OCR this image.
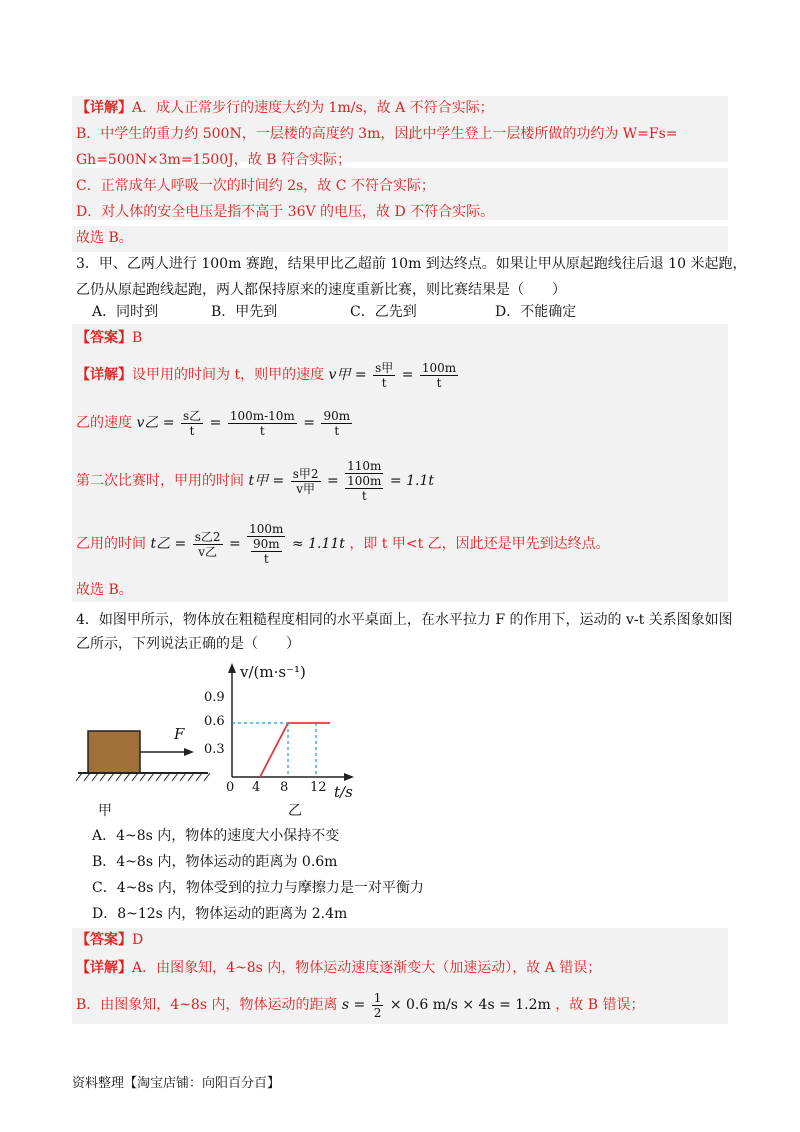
【详解】A．成人正常步行的速度大约为 1m/s，故 A 不符合实际；
B．中学生的重力约 500N，一层楼的高度约 3m，因此中学生登上一层楼所做的功约为 W=Fs=
Gh=500N×3m=1500J，故 B 符合实际；
C．正常成年人呼吸一次的时间约 2s，故 C 不符合实际；
D．对人体的安全电压是指不高于 36V 的电压，故 D 不符合实际。
故选 B。
3．甲、乙两人进行 100m 赛跑，结果甲比乙超前 10m 到达终点。如果让甲从原起跑线往后退 10 米起跑，
乙仍从原起跑线起跑，两人都保持原来的速度重新比赛，则比赛结果是（　　）
A．同时到	B．甲先到	C．乙先到	D．不能确定
【答案】B
【详解】设甲用的时间为 t，则甲的速度 v甲 = $\frac{\text{s甲}}{t} = \frac{100m}{t}$
乙的速度 v乙 = $\frac{\text{s乙}}{t} = \frac{100m-10m}{t} = \frac{90m}{t}$
第二次比赛时，甲用的时间 t甲 = $\frac{\text{s甲2}}{\text{v甲}} = \frac{110m}{\frac{100m}{t}} = 1.1t$
乙用的时间 t乙 = $\frac{\text{s乙2}}{\text{v乙}} = \frac{100m}{\frac{90m}{t}} \approx 1.11t$ ，即 t 甲<t 乙，因此还是甲先到达终点。
故选 B。
4．如图甲所示，物体放在粗糙程度相同的水平桌面上，在水平拉力 F 的作用下，运动的 v-t 关系图象如图
乙所示，下列说法正确的是（　　）
F
甲
v/(m·s⁻¹)
t/s
0.9
0.6
0.3
0 4 8 12
乙
A．4~8s 内，物体的速度大小保持不变
B．4~8s 内，物体运动的距离为 0.6m
C．4~8s 内，物体受到的拉力与摩擦力是一对平衡力
D．8~12s 内，物体运动的距离为 2.4m
【答案】D
【详解】A．由图象知，4~8s 内，物体运动速度逐渐变大（加速运动），故 A 错误；
B．由图象知，4~8s 内，物体运动的距离 $s = \frac{1}{2} \times 0.6$ m/s × 4s = 1.2m ，故 B 错误；
资料整理【淘宝店铺：向阳百分百】
